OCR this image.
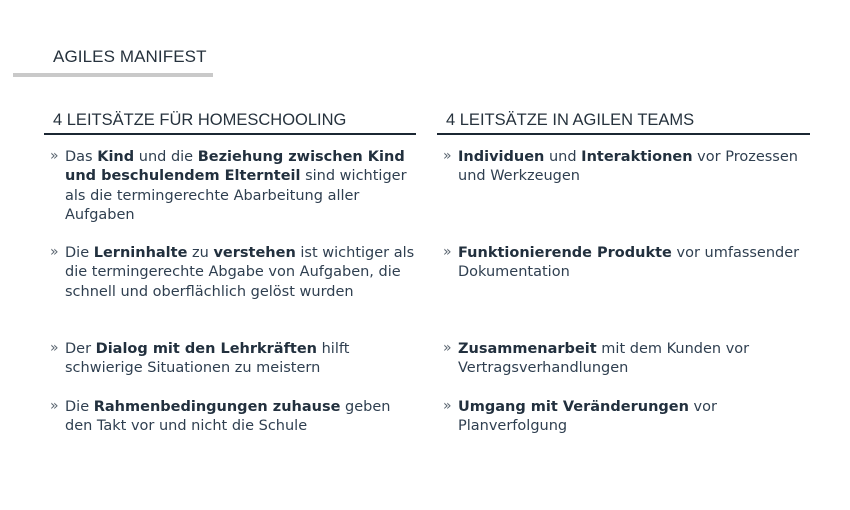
AGILES MANIFEST
4 LEITSÄTZE FÜR HOMESCHOOLING
» Das Kind und die Beziehung zwischen Kind und beschulendem Elternteil sind wichtiger als die termingerechte Abarbeitung aller Aufgaben
» Die Lerninhalte zu verstehen ist wichtiger als die termingerechte Abgabe von Aufgaben, die schnell und oberflächlich gelöst wurden
» Der Dialog mit den Lehrkräften hilft schwierige Situationen zu meistern
» Die Rahmenbedingungen zuhause geben den Takt vor und nicht die Schule
4 LEITSÄTZE IN AGILEN TEAMS
» Individuen und Interaktionen vor Prozessen und Werkzeugen
» Funktionierende Produkte vor umfassender Dokumentation
» Zusammenarbeit mit dem Kunden vor Vertragsverhandlungen
» Umgang mit Veränderungen vor Planverfolgung
